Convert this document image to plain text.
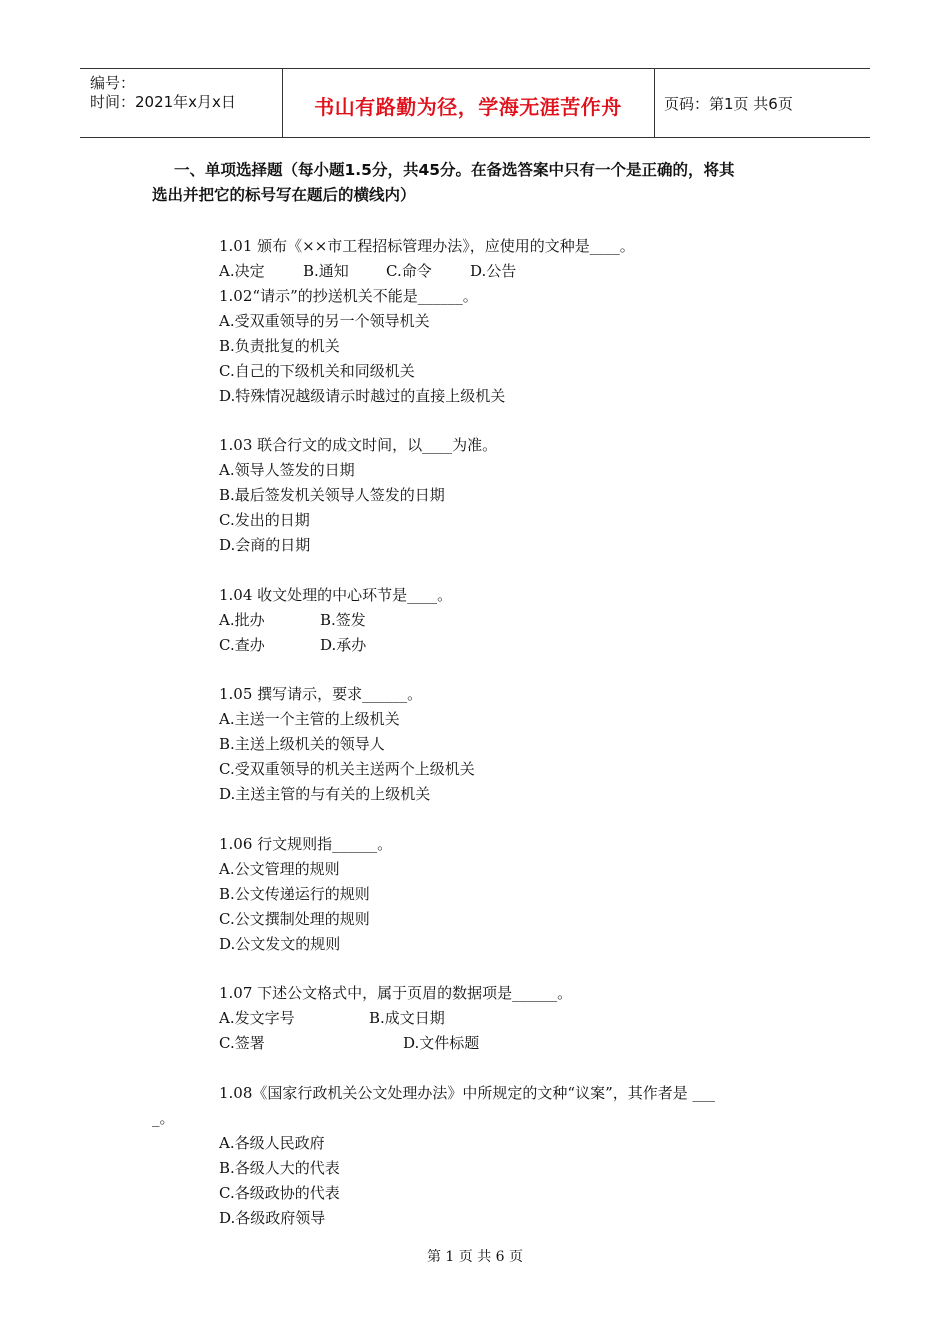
编号：
时间：2021年x月x日	书山有路勤为径，学海无涯苦作舟	页码：第1页 共6页
一、单项选择题（每小题1.5分，共45分。在备选答案中只有一个是正确的，将其
选出并把它的标号写在题后的横线内）
1.01 颁布《××市工程招标管理办法》，应使用的文种是____。
A.决定	B.通知 C.命令	D.公告
1.02“请示”的抄送机关不能是______。
A.受双重领导的另一个领导机关
B.负责批复的机关
C.自己的下级机关和同级机关
D.特殊情况越级请示时越过的直接上级机关
1.03 联合行文的成文时间，以____为准。
A.领导人签发的日期
B.最后签发机关领导人签发的日期
C.发出的日期
D.会商的日期
1.04 收文处理的中心环节是____。
A.批办	B.签发
C.查办	D.承办
1.05 撰写请示，要求______。
A.主送一个主管的上级机关
B.主送上级机关的领导人
C.受双重领导的机关主送两个上级机关
D.主送主管的与有关的上级机关
1.06 行文规则指______。
A.公文管理的规则
B.公文传递运行的规则
C.公文撰制处理的规则
D.公文发文的规则
1.07 下述公文格式中，属于页眉的数据项是______。
A.发文字号	B.成文日期
C.签署	D.文件标题
1.08《国家行政机关公文处理办法》中所规定的文种“议案”，其作者是 ___
_。
A.各级人民政府
B.各级人大的代表
C.各级政协的代表
D.各级政府领导
第 1 页 共 6 页
